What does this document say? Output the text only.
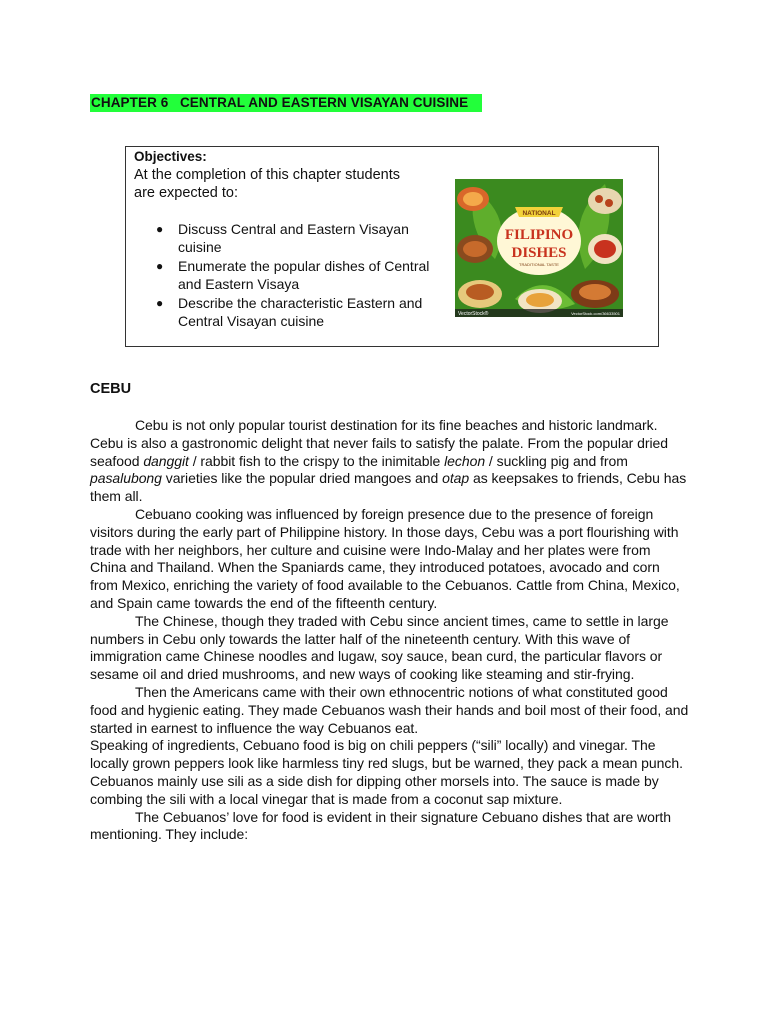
CHAPTER 6   CENTRAL AND EASTERN VISAYAN CUISINE
Objectives:
At the completion of this chapter students are expected to:
● Discuss Central and Eastern Visayan cuisine
● Enumerate the popular dishes of Central and Eastern Visaya
● Describe the characteristic Eastern and Central Visayan cuisine
NATIONAL
FILIPINO
DISHES
TRADITIONAL TASTE
VectorStock®	VectorStock.com/36633501
CEBU

Cebu is not only popular tourist destination for its fine beaches and historic landmark. Cebu is also a gastronomic delight that never fails to satisfy the palate. From the popular dried seafood danggit / rabbit fish to the crispy to the inimitable lechon / suckling pig and from pasalubong varieties like the popular dried mangoes and otap as keepsakes to friends, Cebu has them all.

Cebuano cooking was influenced by foreign presence due to the presence of foreign visitors during the early part of Philippine history. In those days, Cebu was a port flourishing with trade with her neighbors, her culture and cuisine were Indo-Malay and her plates were from China and Thailand. When the Spaniards came, they introduced potatoes, avocado and corn from Mexico, enriching the variety of food available to the Cebuanos. Cattle from China, Mexico, and Spain came towards the end of the fifteenth century.

The Chinese, though they traded with Cebu since ancient times, came to settle in large numbers in Cebu only towards the latter half of the nineteenth century. With this wave of immigration came Chinese noodles and lugaw, soy sauce, bean curd, the particular flavors or sesame oil and dried mushrooms, and new ways of cooking like steaming and stir-frying.

Then the Americans came with their own ethnocentric notions of what constituted good food and hygienic eating. They made Cebuanos wash their hands and boil most of their food, and started in earnest to influence the way Cebuanos eat.

Speaking of ingredients, Cebuano food is big on chili peppers (“sili” locally) and vinegar. The locally grown peppers look like harmless tiny red slugs, but be warned, they pack a mean punch. Cebuanos mainly use sili as a side dish for dipping other morsels into. The sauce is made by combing the sili with a local vinegar that is made from a coconut sap mixture.

The Cebuanos’ love for food is evident in their signature Cebuano dishes that are worth mentioning. They include:
